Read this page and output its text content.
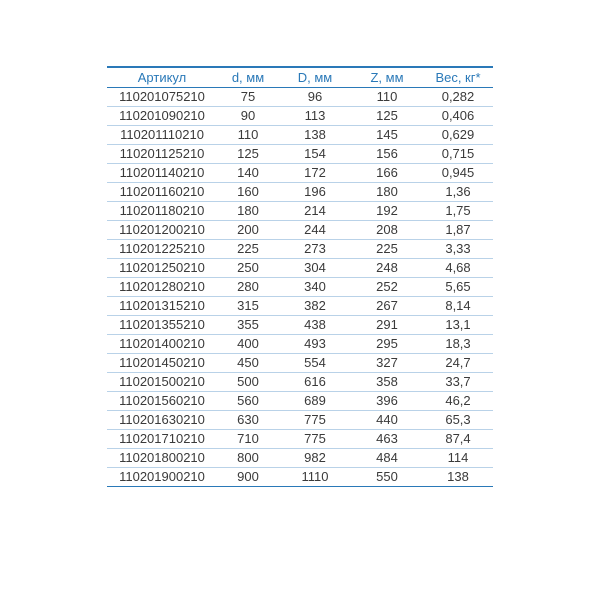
Артикул	d, мм	D, мм	Z, мм	Вес, кг*
110201075210	75	96	110	0,282
110201090210	90	113	125	0,406
110201110210	110	138	145	0,629
110201125210	125	154	156	0,715
110201140210	140	172	166	0,945
110201160210	160	196	180	1,36
110201180210	180	214	192	1,75
110201200210	200	244	208	1,87
110201225210	225	273	225	3,33
110201250210	250	304	248	4,68
110201280210	280	340	252	5,65
110201315210	315	382	267	8,14
110201355210	355	438	291	13,1
110201400210	400	493	295	18,3
110201450210	450	554	327	24,7
110201500210	500	616	358	33,7
110201560210	560	689	396	46,2
110201630210	630	775	440	65,3
110201710210	710	775	463	87,4
110201800210	800	982	484	114
110201900210	900	1110	550	138
